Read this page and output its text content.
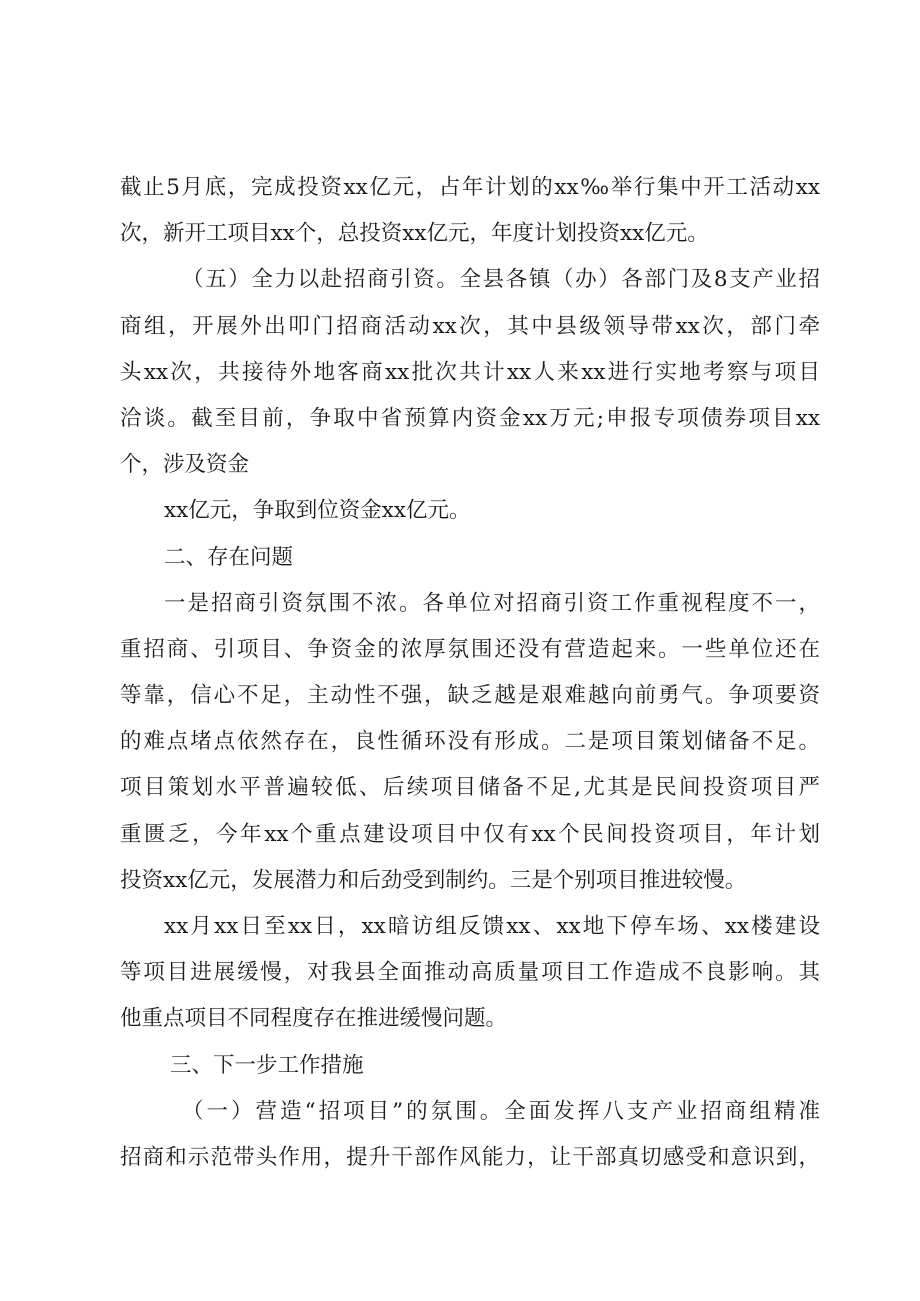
截止5月底，完成投资xx亿元，占年计划的xx‰举行集中开工活动xx
次，新开工项目xx个，总投资xx亿元，年度计划投资xx亿元。
（五）全力以赴招商引资。全县各镇（办）各部门及8支产业招
商组，开展外出叩门招商活动xx次，其中县级领导带xx次，部门牵
头xx次，共接待外地客商xx批次共计xx人来xx进行实地考察与项目
洽谈。截至目前，争取中省预算内资金xx万元;申报专项债券项目xx
个，涉及资金
xx亿元，争取到位资金xx亿元。
二、存在问题
一是招商引资氛围不浓。各单位对招商引资工作重视程度不一，
重招商、引项目、争资金的浓厚氛围还没有营造起来。一些单位还在
等靠，信心不足，主动性不强，缺乏越是艰难越向前勇气。争项要资
的难点堵点依然存在，良性循环没有形成。二是项目策划储备不足。
项目策划水平普遍较低、后续项目储备不足,尤其是民间投资项目严
重匮乏，今年xx个重点建设项目中仅有xx个民间投资项目，年计划
投资xx亿元，发展潜力和后劲受到制约。三是个别项目推进较慢。
xx月xx日至xx日，xx暗访组反馈xx、xx地下停车场、xx楼建设
等项目进展缓慢，对我县全面推动高质量项目工作造成不良影响。其
他重点项目不同程度存在推进缓慢问题。
三、下一步工作措施
（一）营造“招项目”的氛围。全面发挥八支产业招商组精准
招商和示范带头作用，提升干部作风能力，让干部真切感受和意识到，
